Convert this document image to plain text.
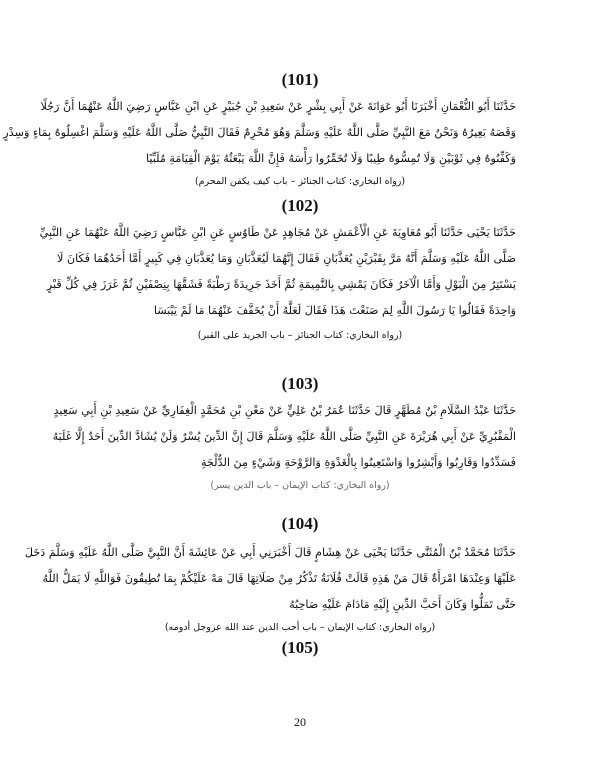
(101)
حَدَّثَنَا أَبُو النُّعْمَانِ أَخْبَرَنَا أَبُو عَوَانَةَ عَنْ أَبِي بِشْرٍ عَنْ سَعِيدِ بْنِ جُبَيْرٍ عَنِ ابْنِ عَبَّاسٍ رَضِيَ اللَّهُ عَنْهُمَا أَنَّ رَجُلًا
وَقَصَهُ بَعِيرُهُ وَنَحْنُ مَعَ النَّبِيِّ صَلَّى اللَّهُ عَلَيْهِ وَسَلَّمَ وَهُوَ مُحْرِمٌ فَقَالَ النَّبِيُّ صَلَّى اللَّهُ عَلَيْهِ وَسَلَّمَ اغْسِلُوهُ بِمَاءٍ وَسِدْرٍ
وَكَفِّنُوهُ فِي ثَوْبَيْنِ وَلَا تُمِسُّوهُ طِيبًا وَلَا تُخَمِّرُوا رَأْسَهُ فَإِنَّ اللَّهَ يَبْعَثُهُ يَوْمَ الْقِيَامَةِ مُلَبِّيًا
(رواه البخاري: كتاب الجنائز – باب كيف يكفن المحرم)
(102)
حَدَّثَنَا يَحْيَى حَدَّثَنَا أَبُو مُعَاوِيَةَ عَنِ الْأَعْمَشِ عَنْ مُجَاهِدٍ عَنْ طَاوُسٍ عَنِ ابْنِ عَبَّاسٍ رَضِيَ اللَّهُ عَنْهُمَا عَنِ النَّبِيِّ
صَلَّى اللَّهُ عَلَيْهِ وَسَلَّمَ أَنَّهُ مَرَّ بِقَبْرَيْنِ يُعَذَّبَانِ فَقَالَ إِنَّهُمَا لَيُعَذَّبَانِ وَمَا يُعَذَّبَانِ فِي كَبِيرٍ أَمَّا أَحَدُهُمَا فَكَانَ لَا
يَسْتَتِرُ مِنَ الْبَوْلِ وَأَمَّا الْآخَرُ فَكَانَ يَمْشِي بِالنَّمِيمَةِ ثُمَّ أَخَذَ جَرِيدَةً رَطْبَةً فَشَقَّهَا بِنِصْفَيْنِ ثُمَّ غَرَزَ فِي كُلِّ قَبْرٍ
وَاحِدَةً فَقَالُوا يَا رَسُولَ اللَّهِ لِمَ صَنَعْتَ هَذَا فَقَالَ لَعَلَّهُ أَنْ يُخَفَّفَ عَنْهُمَا مَا لَمْ يَيْبَسَا
(رواه البخاري: كتاب الجنائز – باب الجريد على القبر)
(103)
حَدَّثَنَا عَبْدُ السَّلَامِ بْنُ مُطَهَّرٍ قَالَ حَدَّثَنَا عُمَرُ بْنُ عَلِيٍّ عَنْ مَعْنِ بْنِ مُحَمَّدٍ الْغِفَارِيِّ عَنْ سَعِيدِ بْنِ أَبِي سَعِيدٍ
الْمَقْبُرِيِّ عَنْ أَبِي هُرَيْرَةَ عَنِ النَّبِيِّ صَلَّى اللَّهُ عَلَيْهِ وَسَلَّمَ قَالَ إِنَّ الدِّينَ يُسْرٌ وَلَنْ يُشَادَّ الدِّينَ أَحَدٌ إِلَّا غَلَبَهُ
فَسَدِّدُوا وَقَارِبُوا وَأَبْشِرُوا وَاسْتَعِينُوا بِالْغَدْوَةِ وَالرَّوْحَةِ وَشَيْءٍ مِنَ الدُّلْجَةِ
(رواه البخاري: كتاب الإيمان – باب الدين يسر)
(104)
حَدَّثَنَا مُحَمَّدُ بْنُ الْمُثَنَّى حَدَّثَنَا يَحْيَى عَنْ هِشَامٍ قَالَ أَخْبَرَنِي أَبِي عَنْ عَائِشَةَ أَنَّ النَّبِيَّ صَلَّى اللَّهُ عَلَيْهِ وَسَلَّمَ دَخَلَ
عَلَيْهَا وَعِنْدَهَا امْرَأَةٌ قَالَ مَنْ هَذِهِ قَالَتْ فُلَانَةُ تَذْكُرُ مِنْ صَلَاتِهَا قَالَ مَهْ عَلَيْكُمْ بِمَا تُطِيقُونَ فَوَاللَّهِ لَا يَمَلُّ اللَّهُ
حَتَّى تَمَلُّوا وَكَانَ أَحَبَّ الدِّينِ إِلَيْهِ مَادَامَ عَلَيْهِ صَاحِبُهُ
(رواه البخاري: كتاب الإيمان – باب أحب الدين عند الله عزوجل أدومه)
(105)
20
